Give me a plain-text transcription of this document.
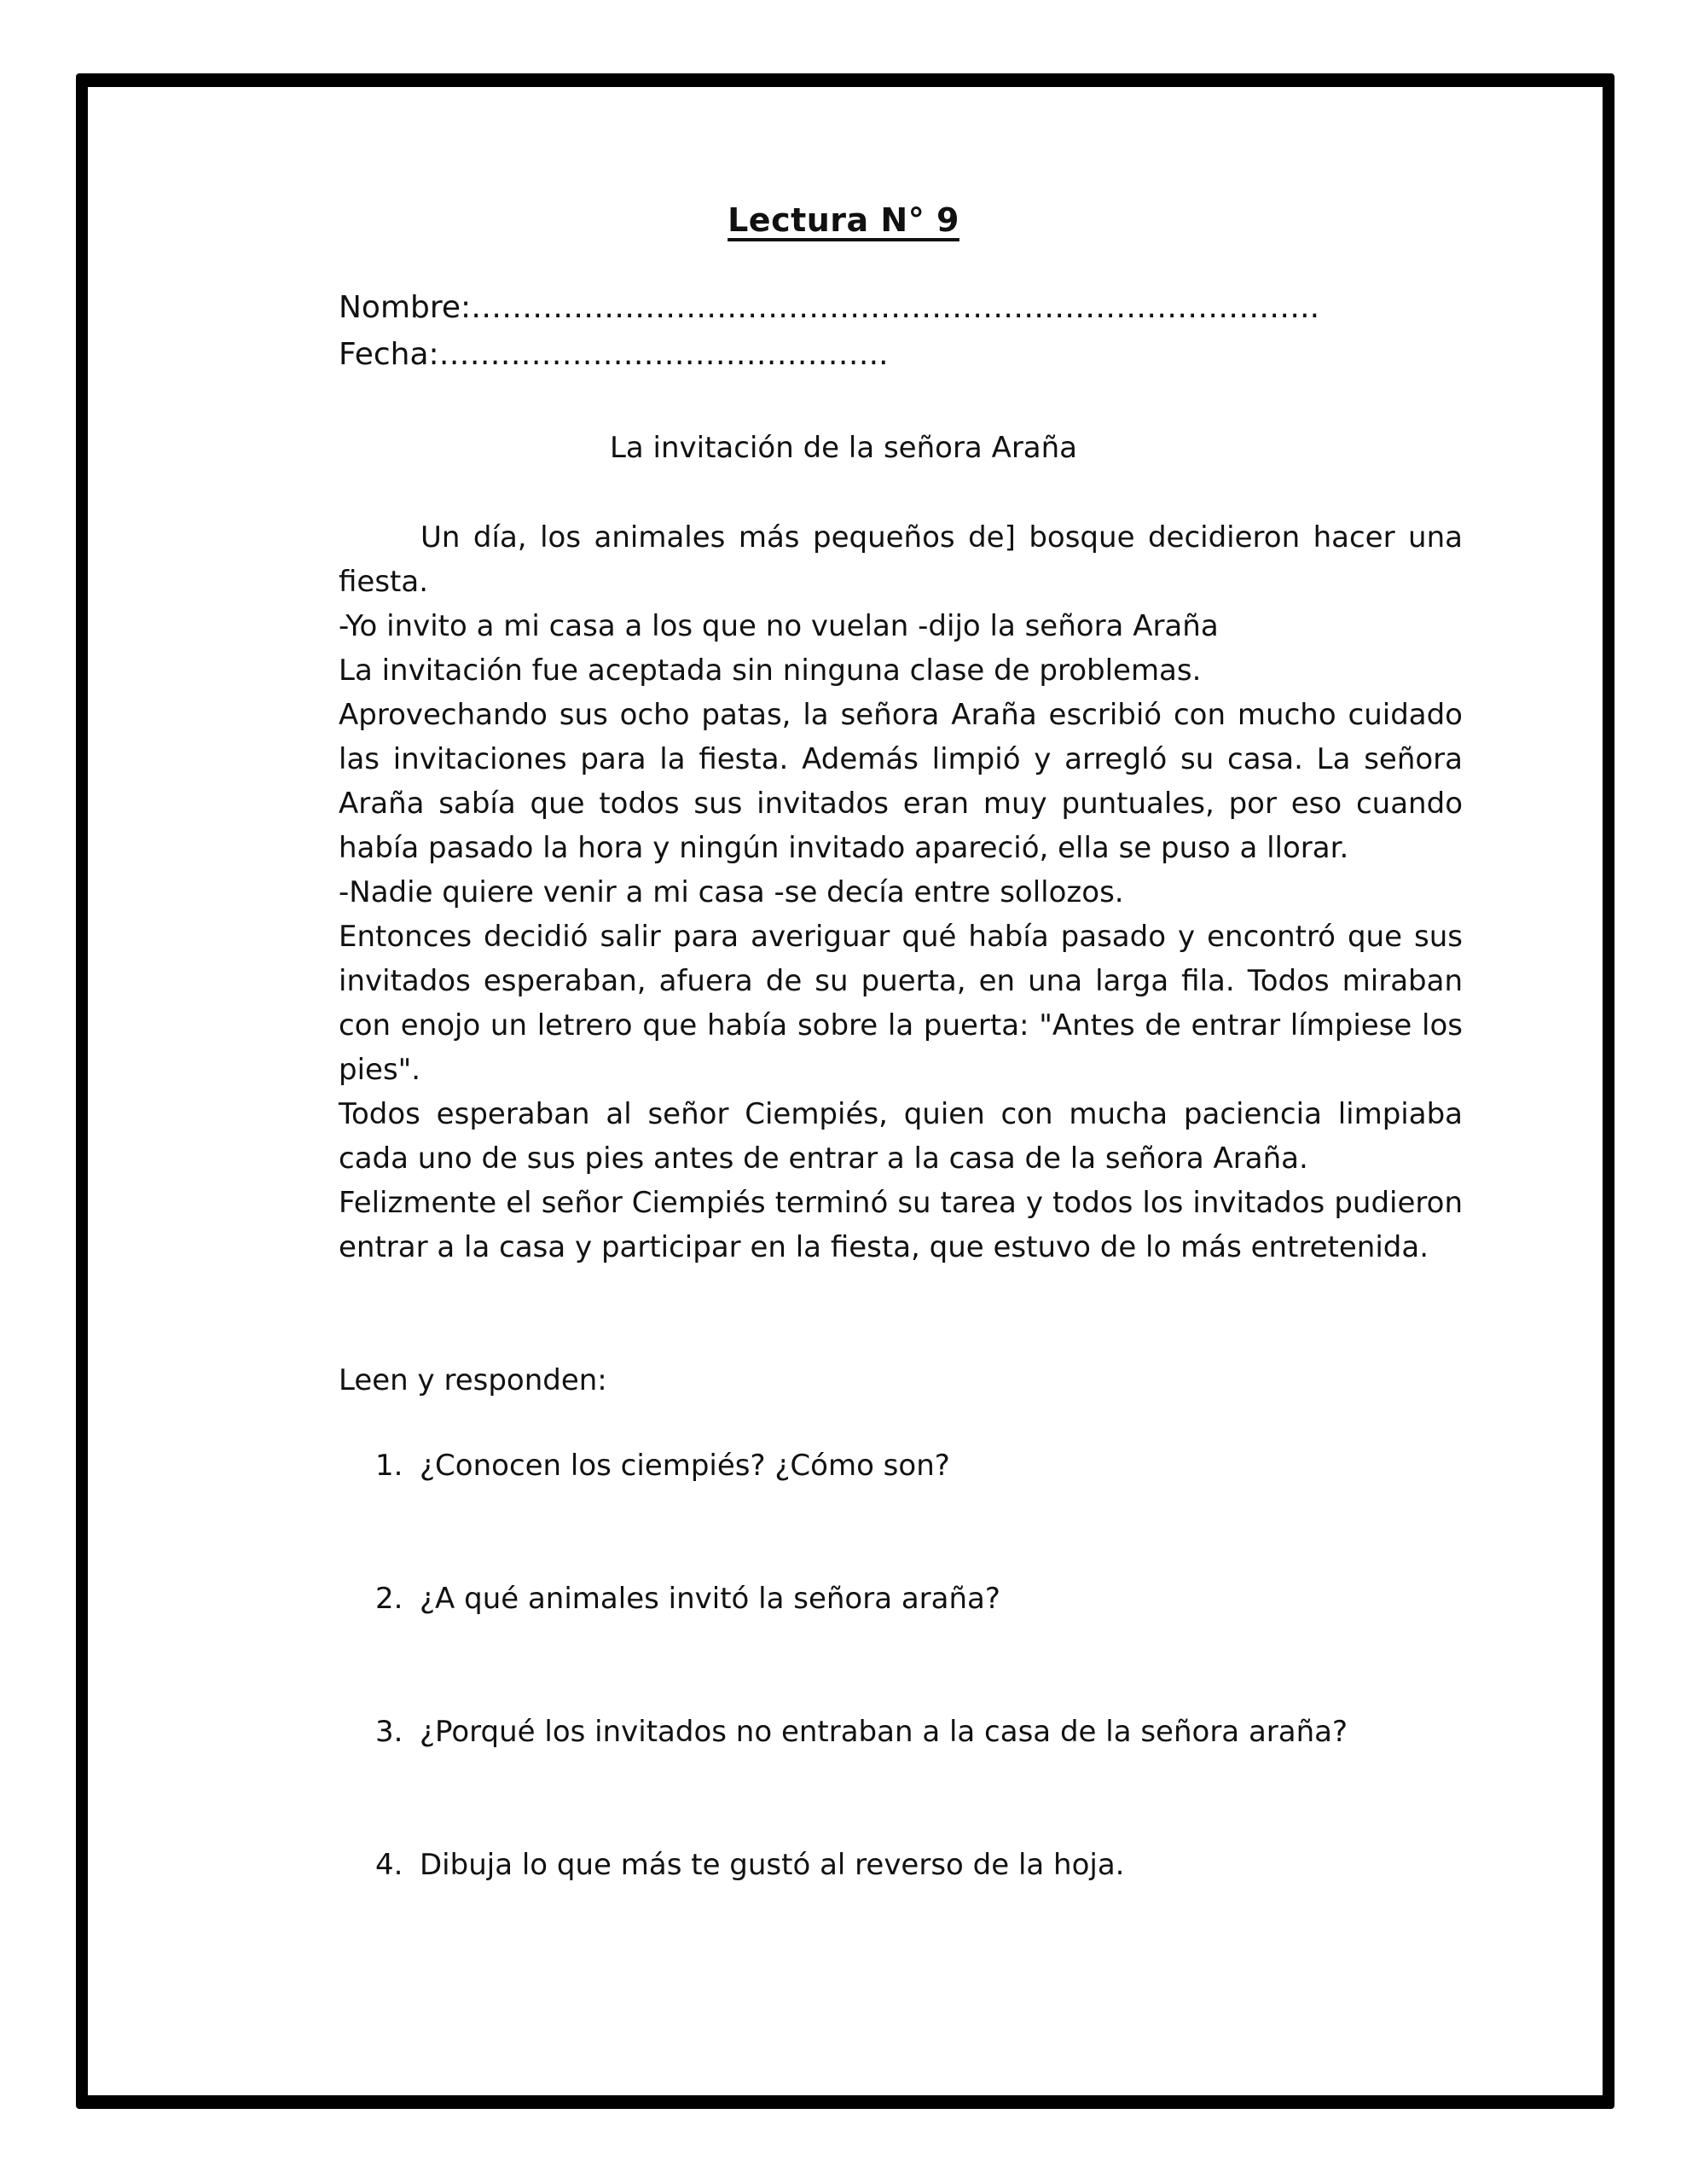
Lectura N° 9
Nombre:………………………………………………………………………..
Fecha:……………………………………..
La invitación de la señora Araña

Un día, los animales más pequeños de] bosque decidieron hacer una fiesta.

-Yo invito a mi casa a los que no vuelan -dijo la señora Araña

La invitación fue aceptada sin ninguna clase de problemas.

Aprovechando sus ocho patas, la señora Araña escribió con mucho cuidado las invitaciones para la fiesta. Además limpió y arregló su casa. La señora Araña sabía que todos sus invitados eran muy puntuales, por eso cuando había pasado la hora y ningún invitado apareció, ella se puso a llorar.

-Nadie quiere venir a mi casa -se decía entre sollozos.

Entonces decidió salir para averiguar qué había pasado y encontró que sus invitados esperaban, afuera de su puerta, en una larga fila. Todos miraban con enojo un letrero que había sobre la puerta: "Antes de entrar límpiese los pies".

Todos esperaban al señor Ciempiés, quien con mucha paciencia limpiaba cada uno de sus pies antes de entrar a la casa de la señora Araña.

Felizmente el señor Ciempiés terminó su tarea y todos los invitados pudieron entrar a la casa y participar en la fiesta, que estuvo de lo más entretenida.

Leen y responden:
1. ¿Conocen los ciempiés? ¿Cómo son?
2. ¿A qué animales invitó la señora araña?
3. ¿Porqué los invitados no entraban a la casa de la señora araña?
4. Dibuja lo que más te gustó al reverso de la hoja.
